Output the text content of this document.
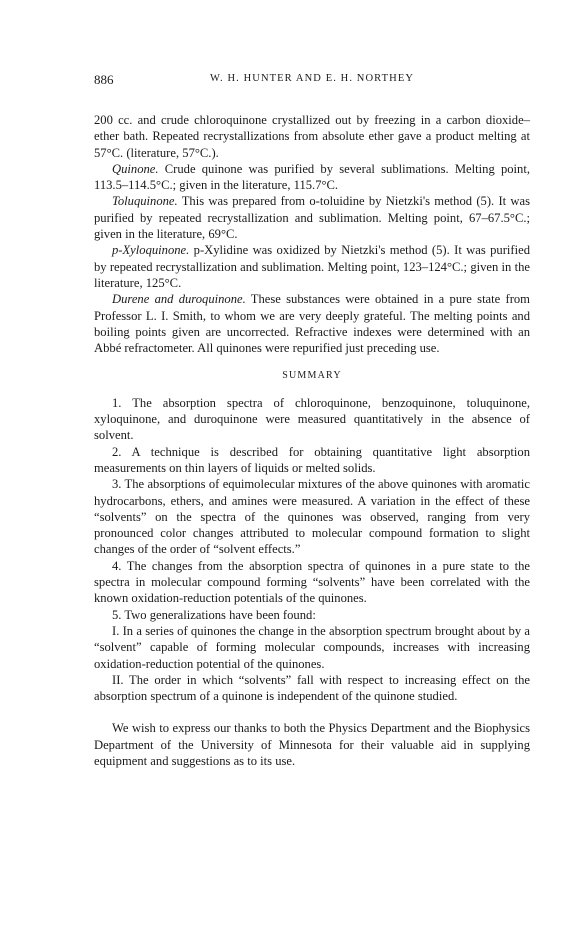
886	W. H. HUNTER AND E. H. NORTHEY

200 cc. and crude chloroquinone crystallized out by freezing in a carbon dioxide–ether bath. Repeated recrystallizations from absolute ether gave a product melting at 57°C. (literature, 57°C.).

Quinone. Crude quinone was purified by several sublimations. Melting point, 113.5–114.5°C.; given in the literature, 115.7°C.

Toluquinone. This was prepared from o-toluidine by Nietzki's method (5). It was purified by repeated recrystallization and sublimation. Melting point, 67–67.5°C.; given in the literature, 69°C.

p-Xyloquinone. p-Xylidine was oxidized by Nietzki's method (5). It was purified by repeated recrystallization and sublimation. Melting point, 123–124°C.; given in the literature, 125°C.

Durene and duroquinone. These substances were obtained in a pure state from Professor L. I. Smith, to whom we are very deeply grateful. The melting points and boiling points given are uncorrected. Refractive indexes were determined with an Abbé refractometer. All quinones were repurified just preceding use.

SUMMARY

1. The absorption spectra of chloroquinone, benzoquinone, toluquinone, xyloquinone, and duroquinone were measured quantitatively in the absence of solvent.

2. A technique is described for obtaining quantitative light absorption measurements on thin layers of liquids or melted solids.

3. The absorptions of equimolecular mixtures of the above quinones with aromatic hydrocarbons, ethers, and amines were measured. A variation in the effect of these “solvents” on the spectra of the quinones was observed, ranging from very pronounced color changes attributed to molecular compound formation to slight changes of the order of “solvent effects.”

4. The changes from the absorption spectra of quinones in a pure state to the spectra in molecular compound forming “solvents” have been correlated with the known oxidation-reduction potentials of the quinones.

5. Two generalizations have been found:

I. In a series of quinones the change in the absorption spectrum brought about by a “solvent” capable of forming molecular compounds, increases with increasing oxidation-reduction potential of the quinones.

II. The order in which “solvents” fall with respect to increasing effect on the absorption spectrum of a quinone is independent of the quinone studied.

We wish to express our thanks to both the Physics Department and the Biophysics Department of the University of Minnesota for their valuable aid in supplying equipment and suggestions as to its use.
